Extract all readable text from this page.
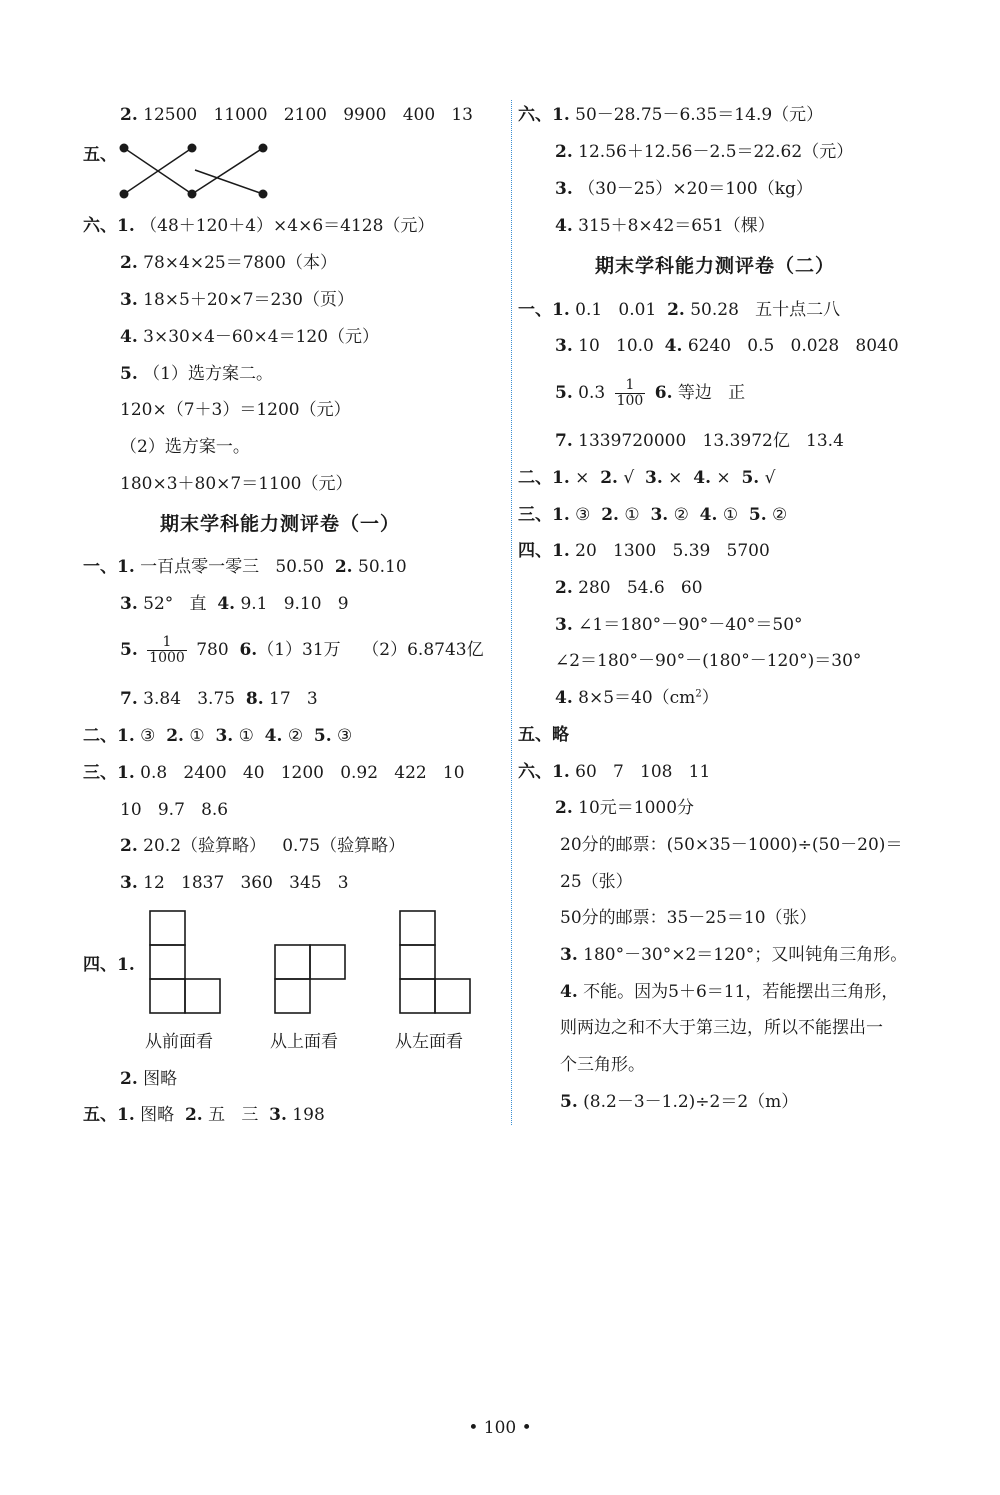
2. 12500   11000   2100   9900   400   13
五、
六、1. （48＋120＋4）×4×6＝4128（元）
2. 78×4×25＝7800（本）
3. 18×5＋20×7＝230（页）
4. 3×30×4－60×4＝120（元）
5. （1）选方案二。
120×（7＋3）＝1200（元）
（2）选方案一。
180×3＋80×7＝1100（元）
期末学科能力测评卷（一）
一、1. 一百点零一零三   50.50  2. 50.10
3. 52°   直  4. 9.1   9.10   9
5. $\frac{1}{1000} 780$  6.（1）31万    （2）6.8743亿
7. 3.84   3.75  8. 17   3
二、1. ③  2. ①  3. ①  4. ②  5. ③
三、1. 0.8   2400   40   1200   0.92   422   10
10   9.7   8.6
2. 20.2（验算略）   0.75（验算略）
3. 12   1837   360   345   3
四、1.
从前面看	从上面看	从左面看
2. 图略
五、1. 图略  2. 五   三  3. 198
六、1. 50－28.75－6.35＝14.9（元）
2. 12.56＋12.56－2.5＝22.62（元）
3. （30－25）×20＝100（kg）
4. 315＋8×42＝651（棵）
期末学科能力测评卷（二）
一、1. 0.1   0.01  2. 50.28   五十点二八
3. 10   10.0  4. 6240   0.5   0.028   8040
5. $0.3 \frac{1}{100} 6$. 等边   正
7. 1339720000   13.3972亿   13.4
二、1. ×  2. √  3. ×  4. ×  5. √
三、1. ③  2. ①  3. ②  4. ①  5. ②
四、1. 20   1300   5.39   5700
2. 280   54.6   60
3. ∠1＝180°－90°－40°＝50°
∠2＝180°－90°－(180°－120°)＝30°
4. $8\times 5=40(cm^2)$
五、略
六、1. 60   7   108   11
2. 10元＝1000分
20分的邮票：(50×35－1000)÷(50－20)＝
25（张）
50分的邮票：35－25＝10（张）
3. 180°－30°×2＝120°；又叫钝角三角形。
4. 不能。因为5＋6＝11，若能摆出三角形，
则两边之和不大于第三边，所以不能摆出一
个三角形。
5. (8.2－3－1.2)÷2＝2（m）
• 100 •
